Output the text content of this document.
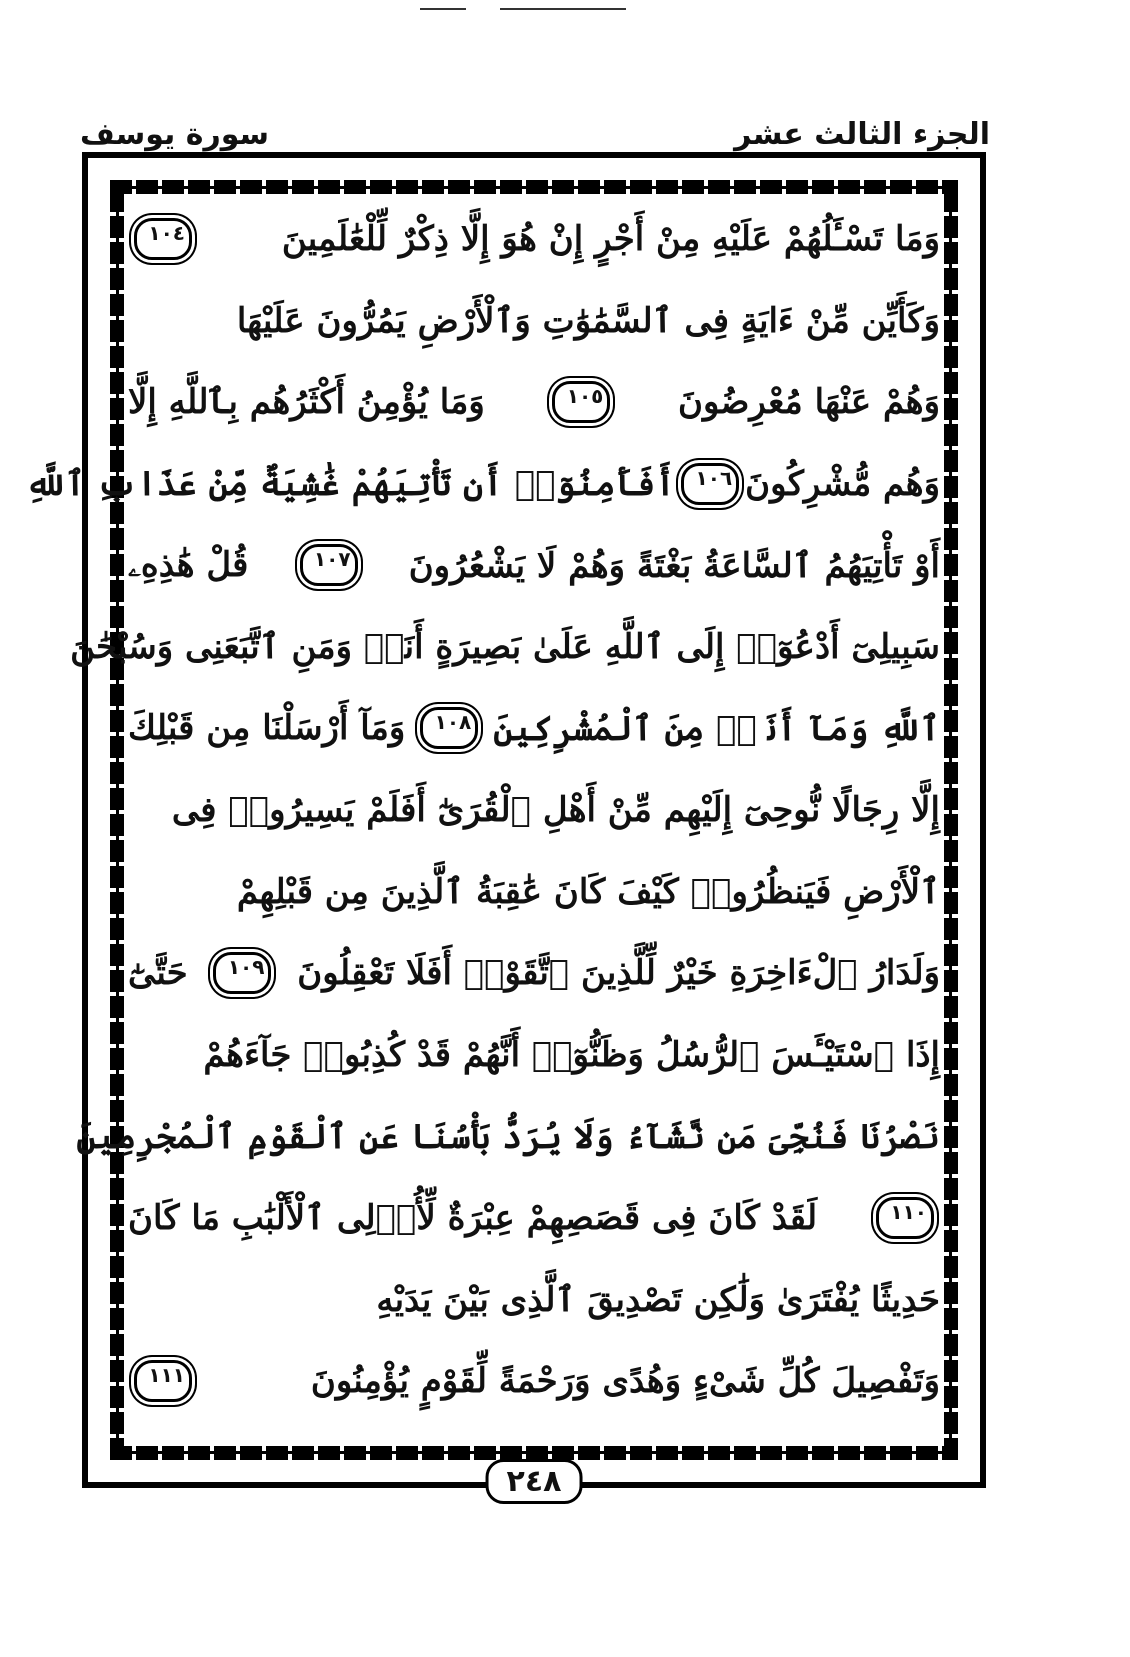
سورة يوسف	الجزء الثالث عشر
وَمَا تَسْـَٔلُهُمْ عَلَيْهِ مِنْ أَجْرٍ إِنْ هُوَ إِلَّا ذِكْرٌ لِّلْعَٰلَمِينَ
١٠٤
وَكَأَيِّن مِّنْ ءَايَةٍ فِى ٱلسَّمَٰوَٰتِ وَٱلْأَرْضِ يَمُرُّونَ عَلَيْهَا
وَهُمْ عَنْهَا مُعْرِضُونَ
١٠٥
وَمَا يُؤْمِنُ أَكْثَرُهُم بِٱللَّهِ إِلَّا
وَهُم مُّشْرِكُونَ
١٠٦
أَفَأَمِنُوٓا۟ أَن تَأْتِيَهُمْ غَٰشِيَةٌ مِّنْ عَذَابِ ٱللَّهِ
أَوْ تَأْتِيَهُمُ ٱلسَّاعَةُ بَغْتَةً وَهُمْ لَا يَشْعُرُونَ
١٠٧
قُلْ هَٰذِهِۦ
سَبِيلِىٓ أَدْعُوٓا۟ إِلَى ٱللَّهِ عَلَىٰ بَصِيرَةٍ أَنَا۠ وَمَنِ ٱتَّبَعَنِى وَسُبْحَٰنَ
ٱللَّهِ وَمَآ أَنَا۠ مِنَ ٱلْمُشْرِكِينَ
١٠٨
وَمَآ أَرْسَلْنَا مِن قَبْلِكَ
إِلَّا رِجَالًا نُّوحِىٓ إِلَيْهِم مِّنْ أَهْلِ ٱلْقُرَىٰٓ أَفَلَمْ يَسِيرُوا۟ فِى
ٱلْأَرْضِ فَيَنظُرُوا۟ كَيْفَ كَانَ عَٰقِبَةُ ٱلَّذِينَ مِن قَبْلِهِمْ
وَلَدَارُ ٱلْءَاخِرَةِ خَيْرٌ لِّلَّذِينَ ٱتَّقَوْا۟ أَفَلَا تَعْقِلُونَ
١٠٩
حَتَّىٰٓ
إِذَا ٱسْتَيْـَٔسَ ٱلرُّسُلُ وَظَنُّوٓا۟ أَنَّهُمْ قَدْ كُذِبُوا۟ جَآءَهُمْ
نَصْرُنَا فَنُجِّىَ مَن نَّشَآءُ وَلَا يُرَدُّ بَأْسُنَا عَنِ ٱلْقَوْمِ ٱلْمُجْرِمِينَ
١١٠
لَقَدْ كَانَ فِى قَصَصِهِمْ عِبْرَةٌ لِّأُو۟لِى ٱلْأَلْبَٰبِ مَا كَانَ
حَدِيثًا يُفْتَرَىٰ وَلَٰكِن تَصْدِيقَ ٱلَّذِى بَيْنَ يَدَيْهِ
وَتَفْصِيلَ كُلِّ شَىْءٍ وَهُدًى وَرَحْمَةً لِّقَوْمٍ يُؤْمِنُونَ
١١١
٢٤٨
